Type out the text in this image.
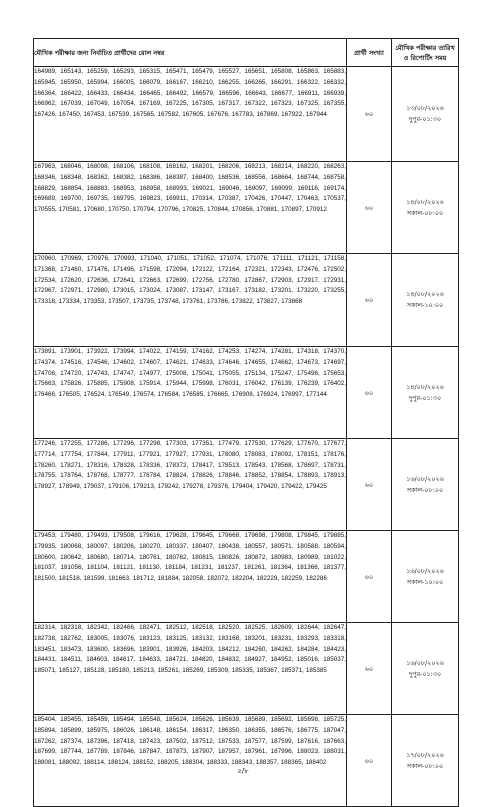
মৌখিক পরীক্ষার জন্য নির্বাচিত প্রার্থীদের রোল নম্বর	প্রার্থী সংখ্যা	মৌখিক পরীক্ষার তারিখ ও রিপোর্টিং সময়
164989, 165143, 165259, 165293, 165315, 165471, 165479, 165527, 165651, 165808, 165863, 165883, 165945, 165950, 165994, 166005, 166079, 166167, 166210, 166255, 166265, 166291, 166322, 166332, 166364, 166422, 166433, 166434, 166465, 166492, 166579, 166596, 166643, 166677, 166911, 166939, 166962, 167039, 167049, 167054, 167169, 167225, 167305, 167317, 167322, 167323, 167325, 167355, 167426, 167450, 167453, 167539, 167565, 167582, 167605, 167676, 167783, 167869, 167922, 167944	৬০	১৩/০৮/২০২৬
দুপুর-০১:৩০
167963, 168046, 168098, 168106, 168108, 168162, 168201, 168206, 168213, 168214, 168220, 168263, 168346, 168348, 168362, 168382, 168386, 168387, 168400, 168536, 168556, 168664, 168744, 168758, 168829, 168854, 168883, 168953, 168958, 168993, 169021, 169046, 169097, 169099, 169116, 169174, 169689, 169700, 169735, 169795, 169823, 169911, 170314, 170387, 170426, 170447, 170463, 170537, 170555, 170581, 170680, 170750, 170794, 170796, 170825, 170844, 170856, 170881, 170897, 170912	৬০	১৪/০৮/২০২৬
সকাল-০৮:০০
170960, 170969, 170976, 170993, 171040, 171051, 171052, 171074, 171076, 171111, 171121, 171158, 171368, 171460, 171476, 171496, 171598, 172094, 172122, 172164, 172321, 172343, 172476, 172502, 172534, 172620, 172636, 172641, 172663, 172699, 172756, 172780, 172867, 172903, 172917, 172931, 172967, 172971, 172980, 173015, 173024, 173087, 173147, 173167, 173182, 173201, 173220, 173255, 173318, 173334, 173353, 173507, 173735, 173748, 173761, 173786, 173822, 173827, 173868	৬০	১৪/০৮/২০২৬
সকাল-১০:০০
173891, 173901, 173922, 173994, 174022, 174159, 174162, 174253, 174274, 174281, 174318, 174370, 174374, 174516, 174546, 174602, 174607, 174621, 174633, 174646, 174655, 174662, 174673, 174697, 174706, 174720, 174743, 174747, 174977, 175008, 175041, 175055, 175134, 175247, 175496, 175653, 175663, 175826, 175885, 175908, 175914, 175944, 175998, 176031, 176042, 176139, 176239, 176402, 176466, 176505, 176524, 176549, 176574, 176584, 176585, 176665, 176908, 176924, 176997, 177144	৬০	১৪/০৮/২০২৬
দুপুর-০১:৩০
177246, 177255, 177286, 177296, 177298, 177303, 177351, 177479, 177530, 177629, 177670, 177677, 177714, 177754, 177844, 177911, 177921, 177927, 177931, 178080, 178083, 178092, 178151, 178176, 178260, 178271, 178316, 178328, 178336, 178372, 178417, 178513, 178543, 178568, 178697, 178731, 178755, 178764, 178768, 178777, 178784, 178824, 178826, 178846, 178852, 178854, 178893, 178913, 178927, 178949, 179037, 179106, 179213, 179242, 179278, 179376, 179404, 179420, 179422, 179425	৬০	১৬/০৮/২০২৬
সকাল-০৮:০০
179453, 179480, 179493, 179508, 179616, 179628, 179645, 179668, 179698, 179808, 179845, 179885, 179935, 180068, 180097, 180206, 180270, 180337, 180407, 180438, 180557, 180571, 180588, 180594, 180600, 180642, 180680, 180714, 180761, 180762, 180815, 180826, 180872, 180983, 180989, 181022, 181037, 181056, 181104, 181121, 181130, 181184, 181231, 181237, 181261, 181364, 181366, 181377, 181500, 181518, 181599, 181663, 181712, 181884, 182058, 182072, 182204, 182229, 182259, 182286	৬০	১৬/০৮/২০২৬
সকাল-১০:০০
182314, 182318, 182342, 182466, 182471, 182512, 182518, 182520, 182525, 182609, 182644, 182647, 182738, 182762, 183005, 183076, 183123, 183125, 183132, 183168, 183201, 183231, 183293, 183318, 183451, 183473, 183600, 183696, 183901, 183926, 184203, 184212, 184260, 184262, 184284, 184423, 184431, 184511, 184603, 184617, 184633, 184721, 184820, 184832, 184927, 184952, 185016, 185037, 185071, 185127, 185128, 185180, 185213, 185261, 185269, 185309, 185335, 185367, 185371, 185385	৬০	১৬/০৮/২০২৬
দুপুর-০১:৩০
185404, 185455, 185459, 185494, 185548, 185624, 185626, 185639, 185689, 185692, 185698, 185725, 185894, 185899, 185975, 186026, 186148, 186154, 186317, 186350, 186355, 186576, 186775, 187047, 187262, 187374, 187396, 187418, 187423, 187502, 187512, 187533, 187577, 187599, 187616, 187663, 187699, 187744, 187789, 187846, 187847, 187873, 187907, 187957, 187961, 187996, 188023, 188031, 188081, 188092, 188114, 188124, 188152, 188205, 188304, 188333, 188343, 188357, 188365, 188402	৬০	১৭/০৮/২০২৬
সকাল-০৮:০০
৫/৮
